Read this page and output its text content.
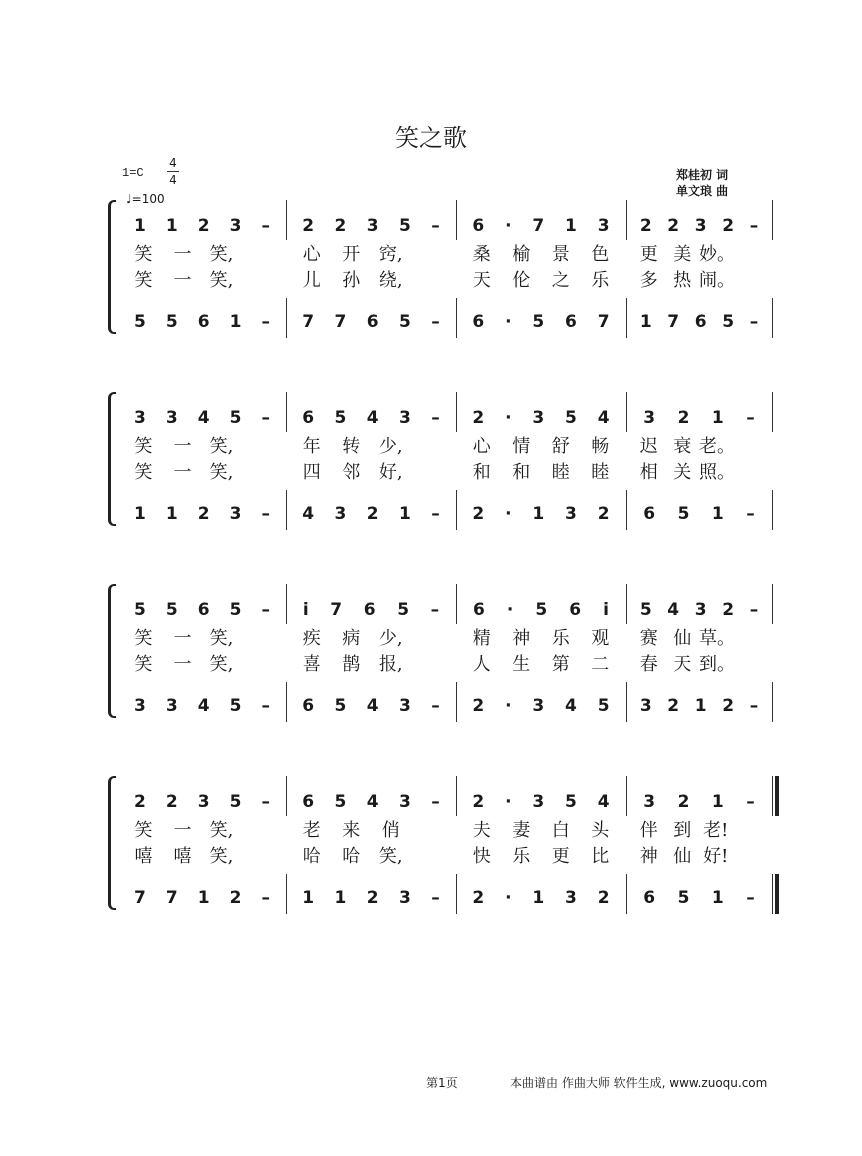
笑之歌
1=C
4
4
♩=100
郑桂初 词
单文琅 曲
1 1 2 3 – 2 2 3 5 – 6 · 7 1 3 2 2 3 2 –
笑	一	笑,	心	开	窍,	桑	榆	景	色	更 美 妙。
笑	一	笑,	儿	孙	绕,	天	伦	之	乐	多 热 闹。
5 5 6 1 – 7 7 6 5 – 6 · 5 6 7 1 7 6 5 –
3 3 4 5 – 6 5 4 3 – 2 · 3 5 4 3 2 1 –
笑	一	笑,	年	转	少,	心	情	舒	畅	迟 衰 老。
笑	一	笑,	四	邻	好,	和	和	睦	睦	相 关 照。
1 1 2 3 – 4 3 2 1 – 2 · 1 3 2 6 5 1 –
5 5 6 5 – i 7 6 5 – 6 · 5 6 i 5 4 3 2 –
笑	一	笑,	疾	病	少,	精	神	乐	观	赛 仙 草。
笑	一	笑,	喜	鹊	报,	人	生	第	二	春 天 到。
3 3 4 5 – 6 5 4 3 – 2 · 3 4 5 3 2 1 2 –
2 2 3 5 – 6 5 4 3 – 2 · 3 5 4 3 2 1 –
笑	一	笑,	老	来	俏	夫	妻	白	头	伴 到 老!
嘻	嘻	笑,	哈	哈	笑,	快	乐	更	比	神 仙 好!
7 7 1 2 – 1 1 2 3 – 2 · 1 3 2 6 5 1 –
第1页	本曲谱由 作曲大师 软件生成, www.zuoqu.com
